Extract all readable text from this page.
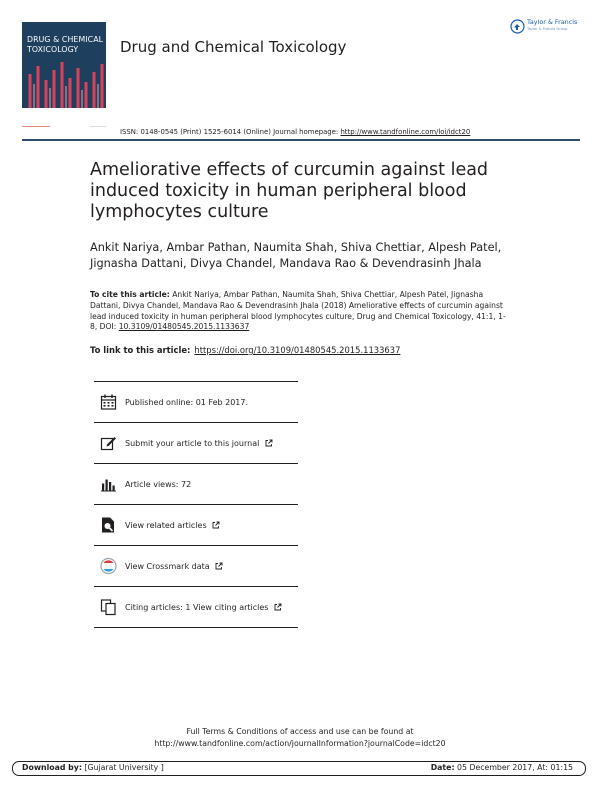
DRUG & CHEMICAL TOXICOLOGY	Drug and Chemical Toxicology
Taylor & Francis
Taylor & Francis Group
ISSN: 0148-0545 (Print) 1525-6014 (Online) Journal homepage: http://www.tandfonline.com/loi/idct20
Ameliorative effects of curcumin against lead induced toxicity in human peripheral blood lymphocytes culture
Ankit Nariya, Ambar Pathan, Naumita Shah, Shiva Chettiar, Alpesh Patel, Jignasha Dattani, Divya Chandel, Mandava Rao & Devendrasinh Jhala
To cite this article: Ankit Nariya, Ambar Pathan, Naumita Shah, Shiva Chettiar, Alpesh Patel, Jignasha Dattani, Divya Chandel, Mandava Rao & Devendrasinh Jhala (2018) Ameliorative effects of curcumin against lead induced toxicity in human peripheral blood lymphocytes culture, Drug and Chemical Toxicology, 41:1, 1-8, DOI: 10.3109/01480545.2015.1133637
To link to this article: https://doi.org/10.3109/01480545.2015.1133637
Published online: 01 Feb 2017.
Submit your article to this journal
Article views: 72
View related articles
View Crossmark data
Citing articles: 1 View citing articles
Full Terms & Conditions of access and use can be found at
http://www.tandfonline.com/action/journalInformation?journalCode=idct20
Download by: [Gujarat University ]	Date: 05 December 2017, At: 01:15
